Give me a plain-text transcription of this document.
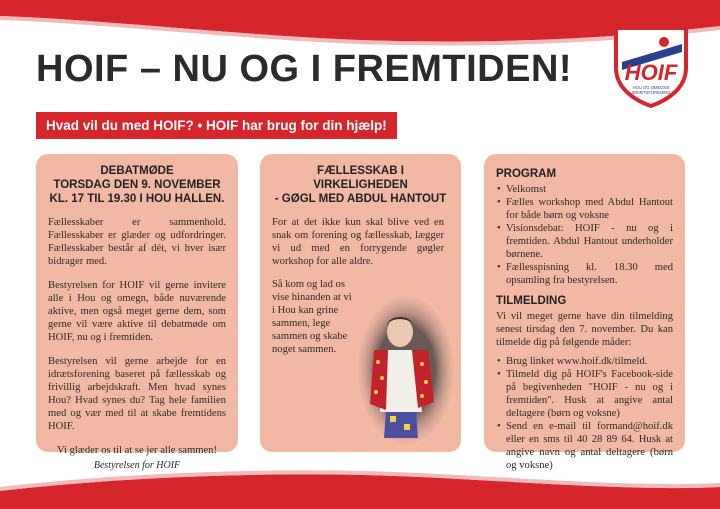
HOIF – NU OG I FREMTIDEN! HOIF
HOU OG OMEGNS
IDRÆTSFORENING
Hvad vil du med HOIF? • HOIF har brug for din hjælp!
DEBATMØDE
TORSDAG DEN 9. NOVEMBER
KL. 17 TIL 19.30 I HOU HALLEN.

Fællesskaber er sammenhold. Fællesskaber er glæder og udfordringer. Fællesskaber består af dét, vi hver især bidrager med.

Bestyrelsen for HOIF vil gerne invitere alle i Hou og omegn, både nuværende aktive, men også meget gerne dem, som gerne vil være aktive til debatmøde om HOIF, nu og i fremtiden.

Bestyrelsen vil gerne arbejde for en idrætsforening baseret på fællesskab og frivillig arbejdskraft. Men hvad synes Hou? Hvad synes du? Tag hele familien med og vær med til at skabe fremtidens HOIF.

Vi glæder os til at se jer alle sammen!

Bestyrelsen for HOIF
FÆLLESSKAB I VIRKELIGHEDEN
- GØGL MED ABDUL HANTOUT

For at det ikke kun skal blive ved en snak om forening og fællesskab, lægger vi ud med en forrygende gøgler workshop for alle aldre.

Så kom og lad os vise hinanden at vi i Hou kan grine sammen, lege sammen og skabe noget sammen.

PROGRAM
• Velkomst
• Fælles workshop med Abdul Hantout for både børn og voksne
• Visionsdebat: HOIF - nu og i fremtiden. Abdul Hantout underholder børnene.
• Fællesspisning kl. 18.30 med opsamling fra bestyrelsen.
TILMELDING

Vi vil meget gerne have din tilmelding senest tirsdag den 7. november. Du kan tilmelde dig på følgende måder:

• Brug linket www.hoif.dk/tilmeld.
• Tilmeld dig på HOIF's Facebook-side på begivenheden "HOIF - nu og i fremtiden". Husk at angive antal deltagere (børn og voksne)
• Send en e-mail til formand@hoif.dk eller en sms til 40 28 89 64. Husk at angive navn og antal deltagere (børn og voksne)
